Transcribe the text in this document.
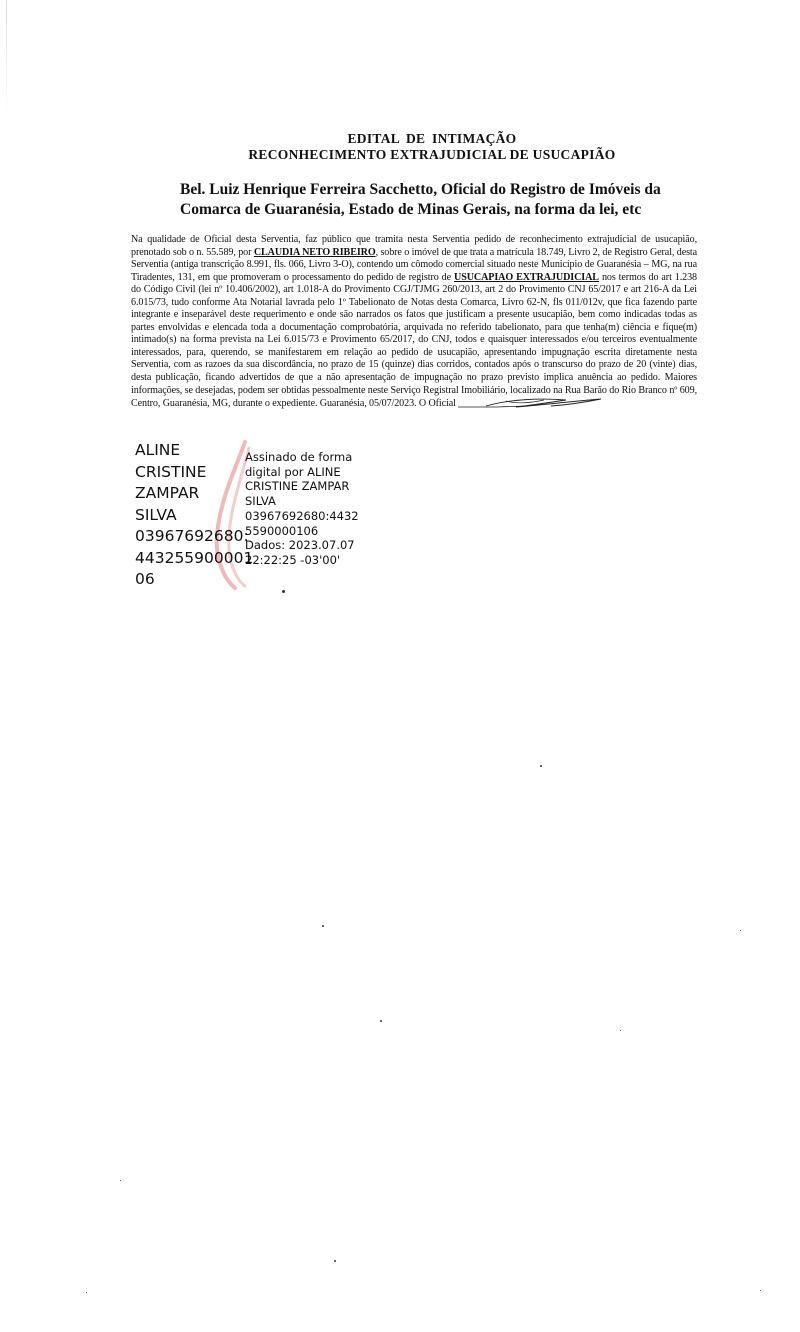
EDITAL DE INTIMAÇÃO
RECONHECIMENTO EXTRAJUDICIAL DE USUCAPIÃO
Bel. Luiz Henrique Ferreira Sacchetto, Oficial do Registro de Imóveis da Comarca de Guaranésia, Estado de Minas Gerais, na forma da lei, etc
Na qualidade de Oficial desta Serventia, faz público que tramita nesta Serventia pedido de reconhecimento extrajudicial de usucapião, prenotado sob o n. 55.589, por CLAUDIA NETO RIBEIRO, sobre o imóvel de que trata a matrícula 18.749, Livro 2, de Registro Geral, desta Serventia (antiga transcrição 8.991, fls. 066, Livro 3-O), contendo um cômodo comercial situado neste Município de Guaranésia – MG, na rua Tiradentes, 131, em que promoveram o processamento do pedido de registro de USUCAPIAO EXTRAJUDICIAL nos termos do art 1.238 do Código Civil (lei nº 10.406/2002), art 1.018-A do Provimento CGJ/TJMG 260/2013, art 2 do Provimento CNJ 65/2017 e art 216-A da Lei 6.015/73, tudo conforme Ata Notarial lavrada pelo 1º Tabelionato de Notas desta Comarca, Livro 62-N, fls 011/012v, que fica fazendo parte integrante e inseparável deste requerimento e onde são narrados os fatos que justificam a presente usucapião, bem como indicadas todas as partes envolvidas e elencada toda a documentação comprobatória, arquivada no referido tabelionato, para que tenha(m) ciência e fique(m) intimado(s) na forma prevista na Lei 6.015/73 e Provimento 65/2017, do CNJ, todos e quaisquer interessados e/ou terceiros eventualmente interessados, para, querendo, se manifestarem em relação ao pedido de usucapião, apresentando impugnação escrita diretamente nesta Serventia, com as razoes da sua discordância, no prazo de 15 (quinze) dias corridos, contados após o transcurso do prazo de 20 (vinte) dias, desta publicação, ficando advertidos de que a não apresentação de impugnação no prazo previsto implica anuência ao pedido. Maiores informações, se desejadas, podem ser obtidas pessoalmente neste Serviço Registral Imobiliário, localizado na Rua Barão do Rio Branco nº 609, Centro, Guaranésia, MG, durante o expediente. Guaranésia, 05/07/2023. O Oficial
ALINE
CRISTINE
ZAMPAR
SILVA
03967692680:
443255900001
06
Assinado de forma
digital por ALINE
CRISTINE ZAMPAR
SILVA
03967692680:4432
5590000106
Dados: 2023.07.07
22:22:25 -03'00'
